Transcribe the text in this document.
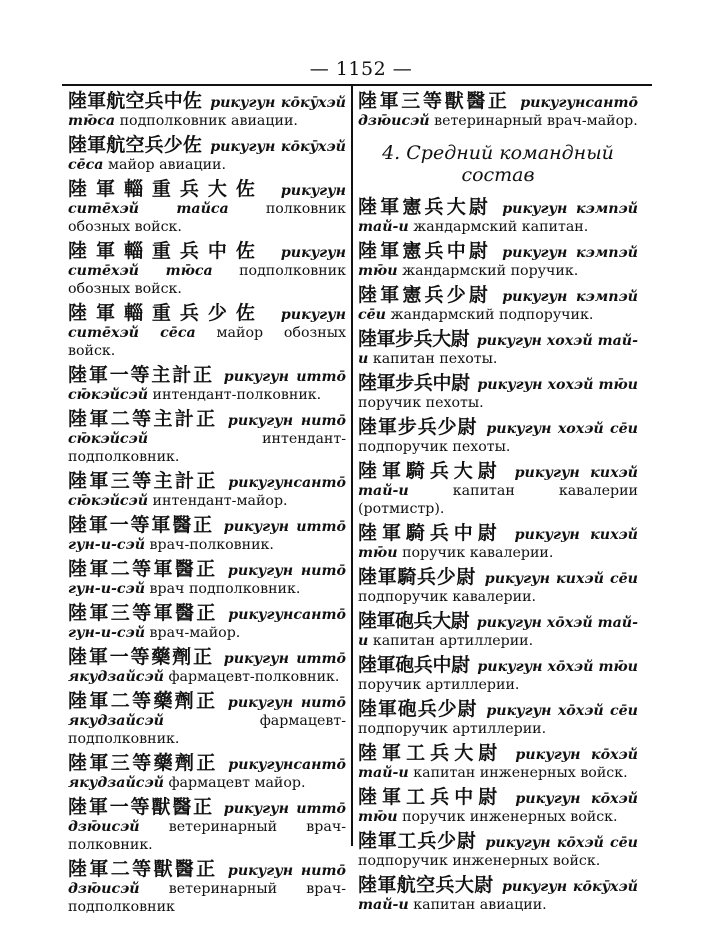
— 1152 —
陸軍航空兵中佐 рикугун кōкӯхэй тю̄са подполковник авиации.
陸軍航空兵少佐 рикугун кōкӯхэй сēса майор авиации.
陸軍輜重兵大佐 рикугун ситēхэй тайса	полковник обозных войск.
陸軍輜重兵中佐 рикугун ситēхэй тю̄са подполковник обозных войск.
陸軍輜重兵少佐 рикугун ситēхэй сēса майор обозных войск.
陸軍一等主計正 рикугун иттō сю̄кэйсэй интендант-полковник.
陸軍二等主計正 рикугун нитō сю̄кэйсэй	интендант-подполковник.
陸軍三等主計正 рикугунсантō сю̄кэйсэй интендант-майор.
陸軍一等軍醫正 рикугун иттō гун-и-сэй врач-полковник.
陸軍二等軍醫正 рикугун нитō гун-и-сэй врач подполковник.
陸軍三等軍醫正 рикугунсантō гун-и-сэй врач-майор.
陸軍一等藥劑正 рикугун иттō якудзайсэй фармацевт-полковник.
陸軍二等藥劑正 рикугун нитō якудзайсэй	фармацевт-подполковник.
陸軍三等藥劑正 рикугунсантō якудзайсэй фармацевт майор.
陸軍一等獸醫正 рикугун иттō дзю̄исэй ветеринарный врач-полковник.
陸軍二等獸醫正 рикугун нитō дзю̄исэй ветеринарный врач-подполковник
陸軍三等獸醫正 рикугунсантō дзю̄исэй ветеринарный врач-майор.
4. Средний командный состав
陸軍憲兵大尉 рикугун кэмпэй тай-и жандармский капитан.
陸軍憲兵中尉 рикугун кэмпэй тю̄и жандармский поручик.
陸軍憲兵少尉 рикугун кэмпэй сēи жандармский подпоручик.
陸軍步兵大尉 рикугун хохэй тай-и капитан пехоты.
陸軍步兵中尉 рикугун хохэй тю̄и поручик пехоты.
陸軍步兵少尉 рикугун хохэй сēи подпоручик пехоты.
陸軍騎兵大尉 рикугун кихэй тай-и	капитан кавалерии (ротмистр).
陸軍騎兵中尉 рикугун кихэй тю̄и поручик кавалерии.
陸軍騎兵少尉 рикугун кихэй сēи подпоручик кавалерии.
陸軍砲兵大尉 рикугун хōхэй тай-и капитан артиллерии.
陸軍砲兵中尉 рикугун хōхэй тю̄и поручик артиллерии.
陸軍砲兵少尉 рикугун хōхэй сēи подпоручик артиллерии.
陸軍工兵大尉 рикугун кōхэй тай-и капитан инженерных войск.
陸軍工兵中尉 рикугун кōхэй тю̄и поручик инженерных войск.
陸軍工兵少尉 рикугун кōхэй сēи подпоручик инженерных войск.
陸軍航空兵大尉 рикугун кōкӯхэй тай-и капитан авиации.
